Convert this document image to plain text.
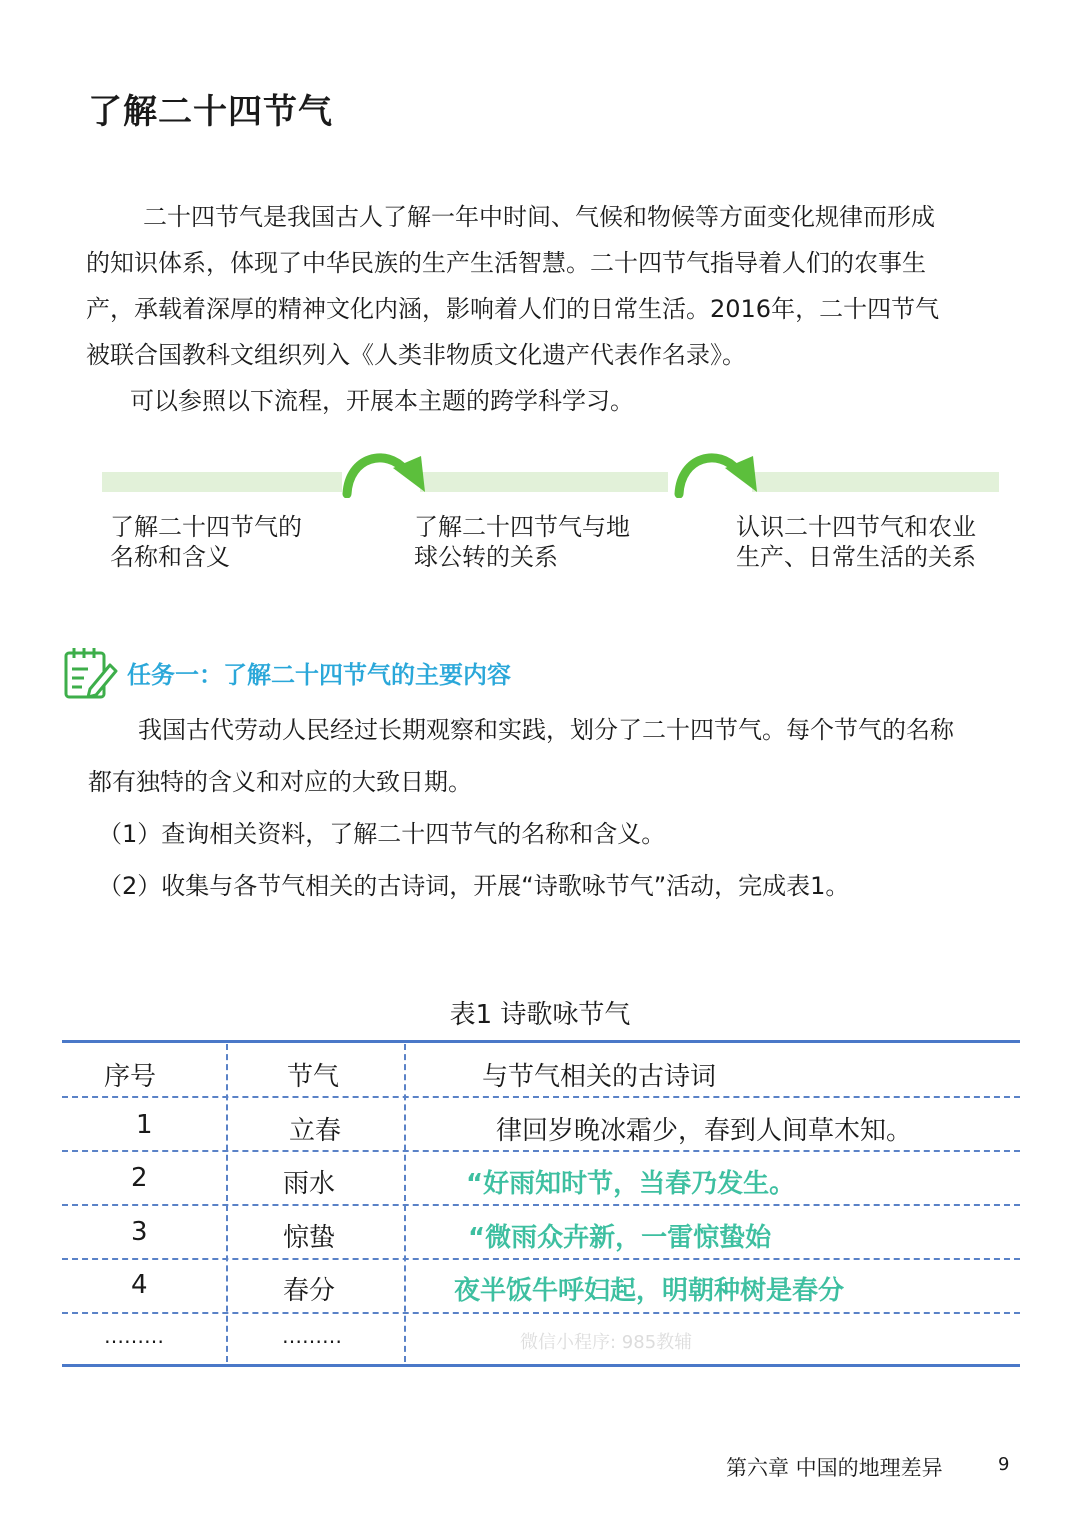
了解二十四节气
二十四节气是我国古人了解一年中时间、气候和物候等方面变化规律而形成
的知识体系，体现了中华民族的生产生活智慧。二十四节气指导着人们的农事生
产，承载着深厚的精神文化内涵，影响着人们的日常生活。2016年，二十四节气
被联合国教科文组织列入《人类非物质文化遗产代表作名录》。
可以参照以下流程，开展本主题的跨学科学习。
了解二十四节气的
名称和含义
了解二十四节气与地
球公转的关系
认识二十四节气和农业
生产、日常生活的关系
任务一：了解二十四节气的主要内容
我国古代劳动人民经过长期观察和实践，划分了二十四节气。每个节气的名称
都有独特的含义和对应的大致日期。
（1）查询相关资料，了解二十四节气的名称和含义。
（2）收集与各节气相关的古诗词，开展“诗歌咏节气”活动，完成表1。
表1 诗歌咏节气
序号	节气	与节气相关的古诗词
1	立春	律回岁晚冰霜少，春到人间草木知。
2	雨水	“好雨知时节，当春乃发生。
3	惊蛰	“微雨众卉新，一雷惊蛰始
4	春分	夜半饭牛呼妇起，明朝种树是春分
………	………	微信小程序: 985教辅
第六章 中国的地理差异	9
